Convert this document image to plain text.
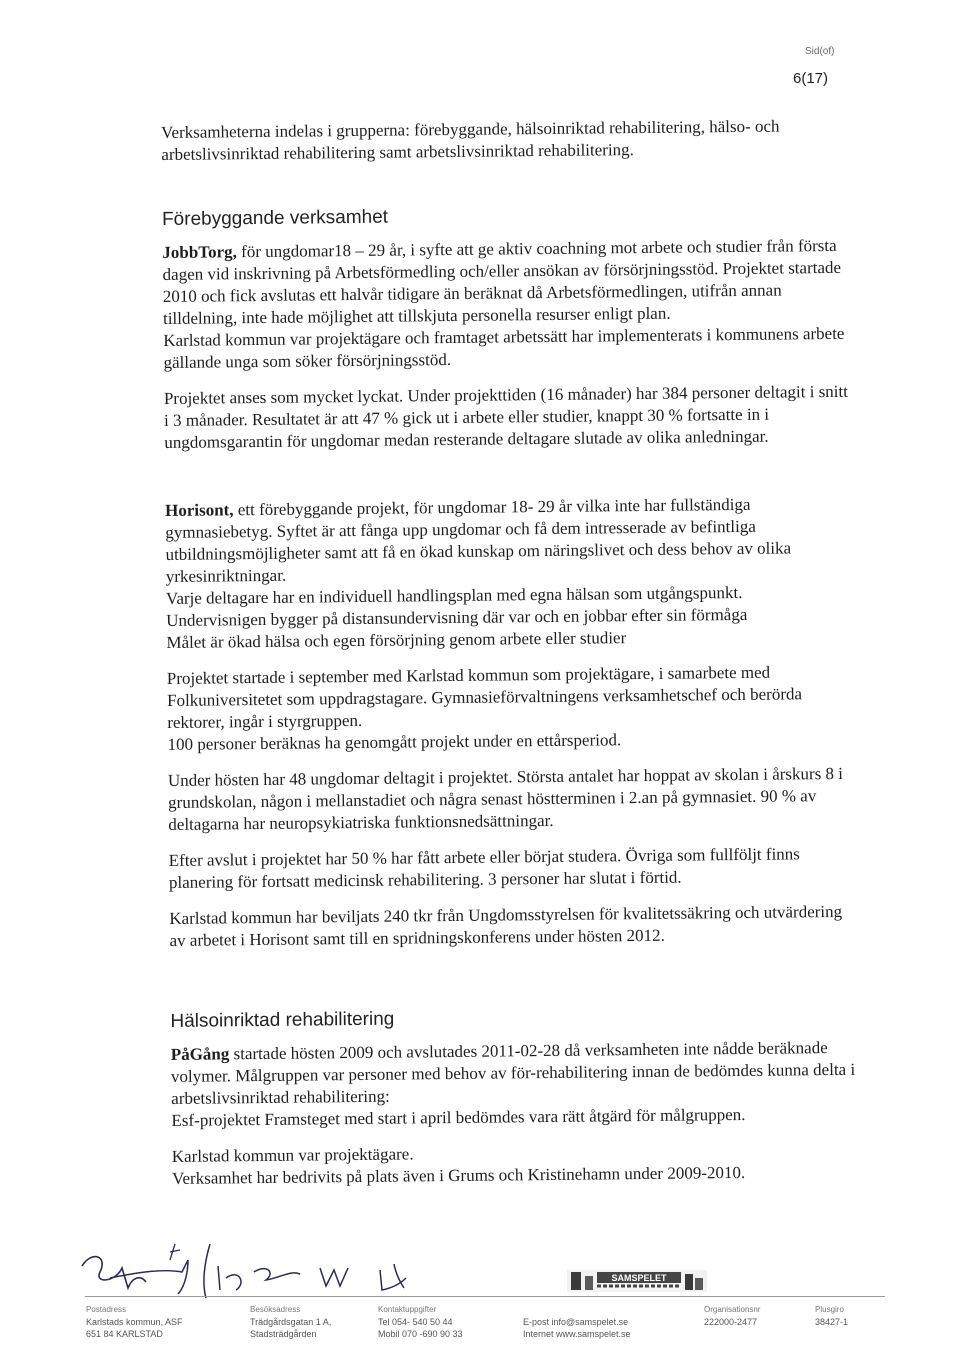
Sid(of)
6(17)

Verksamheterna indelas i grupperna: förebyggande, hälsoinriktad rehabilitering, hälso- och arbetslivsinriktad rehabilitering samt arbetslivsinriktad rehabilitering.

Förebyggande verksamhet

JobbTorg, för ungdomar18 – 29 år, i syfte att ge aktiv coachning mot arbete och studier från första dagen vid inskrivning på Arbetsförmedling och/eller ansökan av försörjningsstöd. Projektet startade 2010 och fick avslutas ett halvår tidigare än beräknat då Arbetsförmedlingen, utifrån annan tilldelning, inte hade möjlighet att tillskjuta personella resurser enligt plan.

Karlstad kommun var projektägare och framtaget arbetssätt har implementerats i kommunens arbete gällande unga som söker försörjningsstöd.

Projektet anses som mycket lyckat. Under projekttiden (16 månader) har 384 personer deltagit i snitt i 3 månader. Resultatet är att 47 % gick ut i arbete eller studier, knappt 30 % fortsatte in i ungdomsgarantin för ungdomar medan resterande deltagare slutade av olika anledningar.

Horisont, ett förebyggande projekt, för ungdomar 18- 29 år vilka inte har fullständiga gymnasiebetyg. Syftet är att fånga upp ungdomar och få dem intresserade av befintliga utbildningsmöjligheter samt att få en ökad kunskap om näringslivet och dess behov av olika yrkesinriktningar.

Varje deltagare har en individuell handlingsplan med egna hälsan som utgångspunkt.

Undervisnigen bygger på distansundervisning där var och en jobbar efter sin förmåga

Målet är ökad hälsa och egen försörjning genom arbete eller studier

Projektet startade i september med Karlstad kommun som projektägare, i samarbete med Folkuniversitetet som uppdragstagare. Gymnasieförvaltningens verksamhetschef och berörda rektorer, ingår i styrgruppen.

100 personer beräknas ha genomgått projekt under en ettårsperiod.

Under hösten har 48 ungdomar deltagit i projektet. Största antalet har hoppat av skolan i årskurs 8 i grundskolan, någon i mellanstadiet och några senast höstterminen i 2.an på gymnasiet. 90 % av deltagarna har neuropsykiatriska funktionsnedsättningar.

Efter avslut i projektet har 50 % har fått arbete eller börjat studera. Övriga som fullföljt finns planering för fortsatt medicinsk rehabilitering. 3 personer har slutat i förtid.

Karlstad kommun har beviljats 240 tkr från Ungdomsstyrelsen för kvalitetssäkring och utvärdering av arbetet i Horisont samt till en spridningskonferens under hösten 2012.

Hälsoinriktad rehabilitering

PåGång startade hösten 2009 och avslutades 2011-02-28 då verksamheten inte nådde beräknade volymer. Målgruppen var personer med behov av för-rehabilitering innan de bedömdes kunna delta i arbetslivsinriktad rehabilitering:

Esf-projektet Framsteget med start i april bedömdes vara rätt åtgärd för målgruppen.

Karlstad kommun var projektägare.

Verksamhet har bedrivits på plats även i Grums och Kristinehamn under 2009-2010.

SAMSPELET
Postadress
Karlstads kommun, ASF
651 84 KARLSTAD
Besöksadress
Trädgårdsgatan 1 A,
Stadsträdgården
Kontaktuppgifter
Tel 054- 540 50 44
Mobil 070 -690 90 33
E-post info@samspelet.se
Internet www.samspelet.se
Organisationsnr
222000-2477
Plusgiro
38427-1
